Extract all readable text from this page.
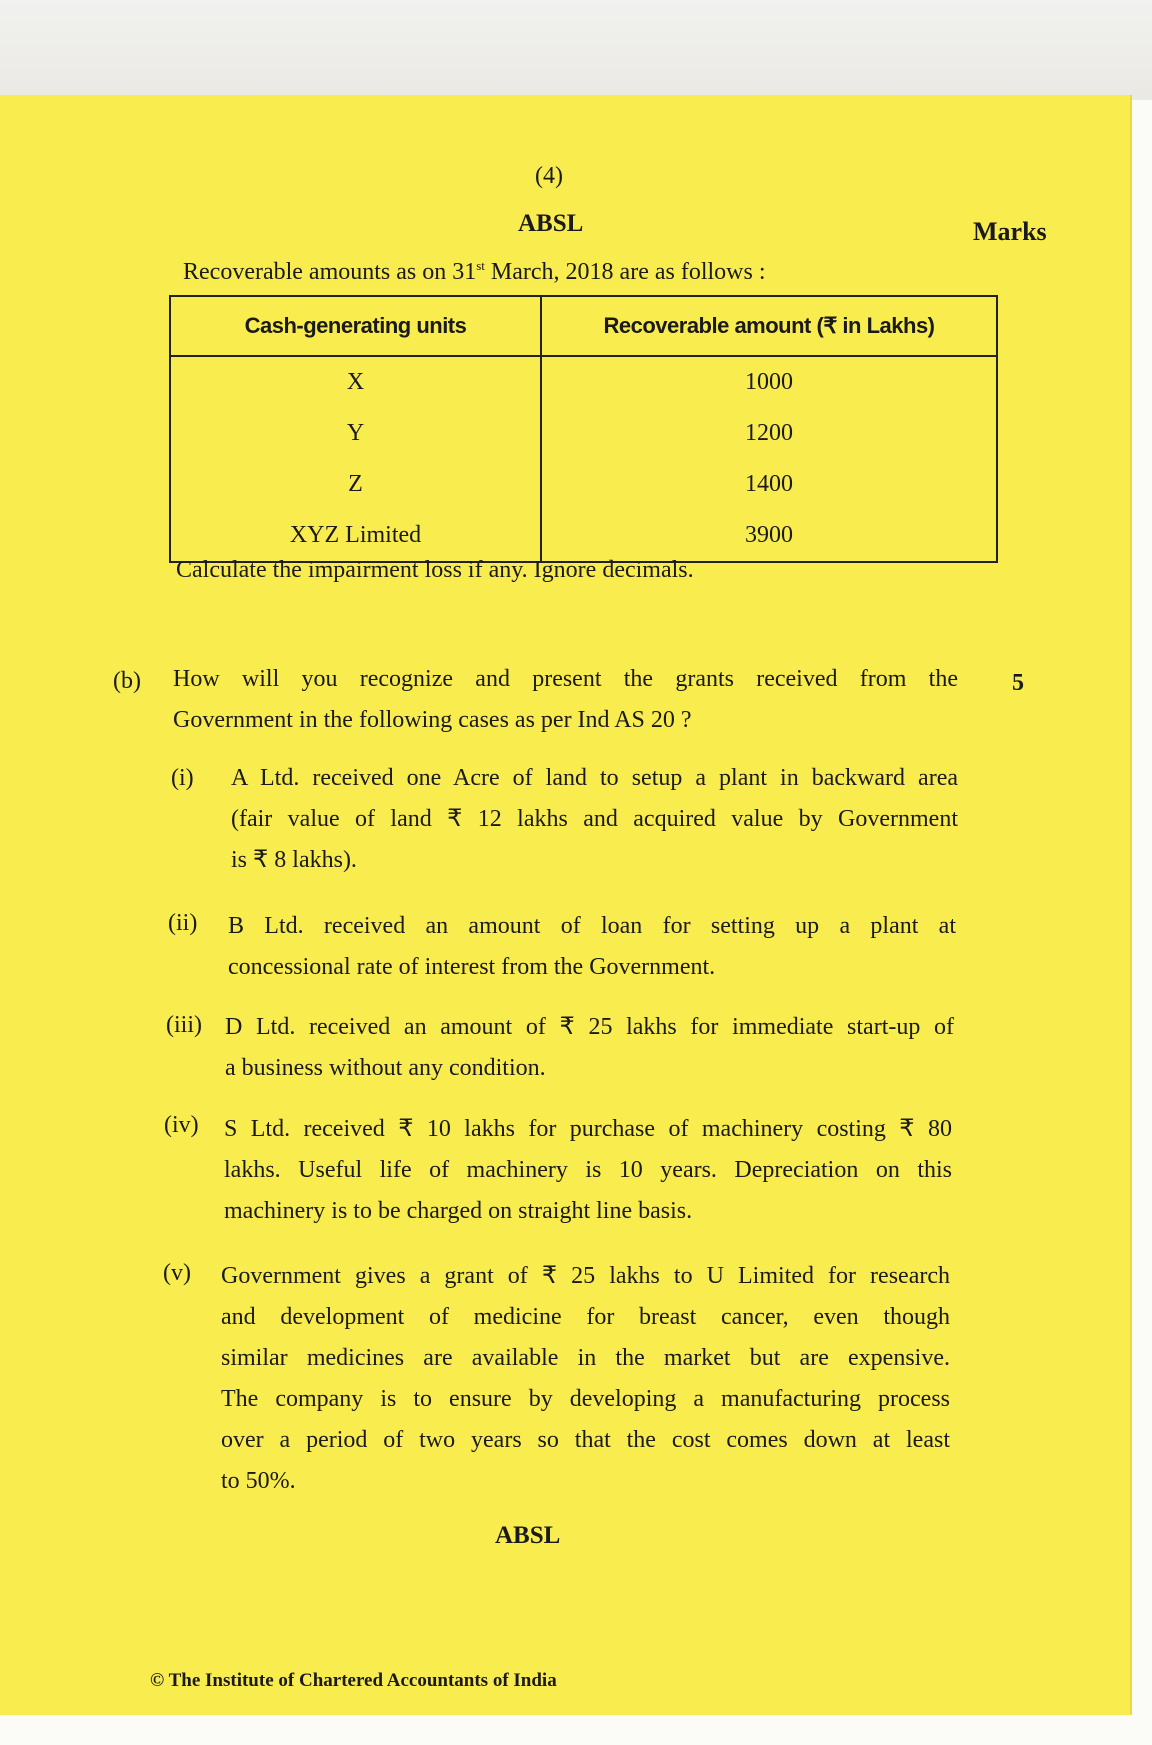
(4)
ABSL	Marks
Recoverable amounts as on 31st March, 2018 are as follows :
Cash-generating units	Recoverable amount (₹ in Lakhs)
X	1000
Y	1200
Z	1400
XYZ Limited	3900
Calculate the impairment loss if any. Ignore decimals.
(b) How will you recognize and present the grants received from the
Government in the following cases as per Ind AS 20 ?
5
(i) A Ltd. received one Acre of land to setup a plant in backward area
(fair value of land ₹ 12 lakhs and acquired value by Government
is ₹ 8 lakhs).
(ii) B Ltd. received an amount of loan for setting up a plant at
concessional rate of interest from the Government.
(iii) D Ltd. received an amount of ₹ 25 lakhs for immediate start-up of
a business without any condition.
(iv) S Ltd. received ₹ 10 lakhs for purchase of machinery costing ₹ 80
lakhs. Useful life of machinery is 10 years. Depreciation on this
machinery is to be charged on straight line basis.
(v) Government gives a grant of ₹ 25 lakhs to U Limited for research
and development of medicine for breast cancer, even though
similar medicines are available in the market but are expensive.
The company is to ensure by developing a manufacturing process
over a period of two years so that the cost comes down at least
to 50%.
ABSL
© The Institute of Chartered Accountants of India
